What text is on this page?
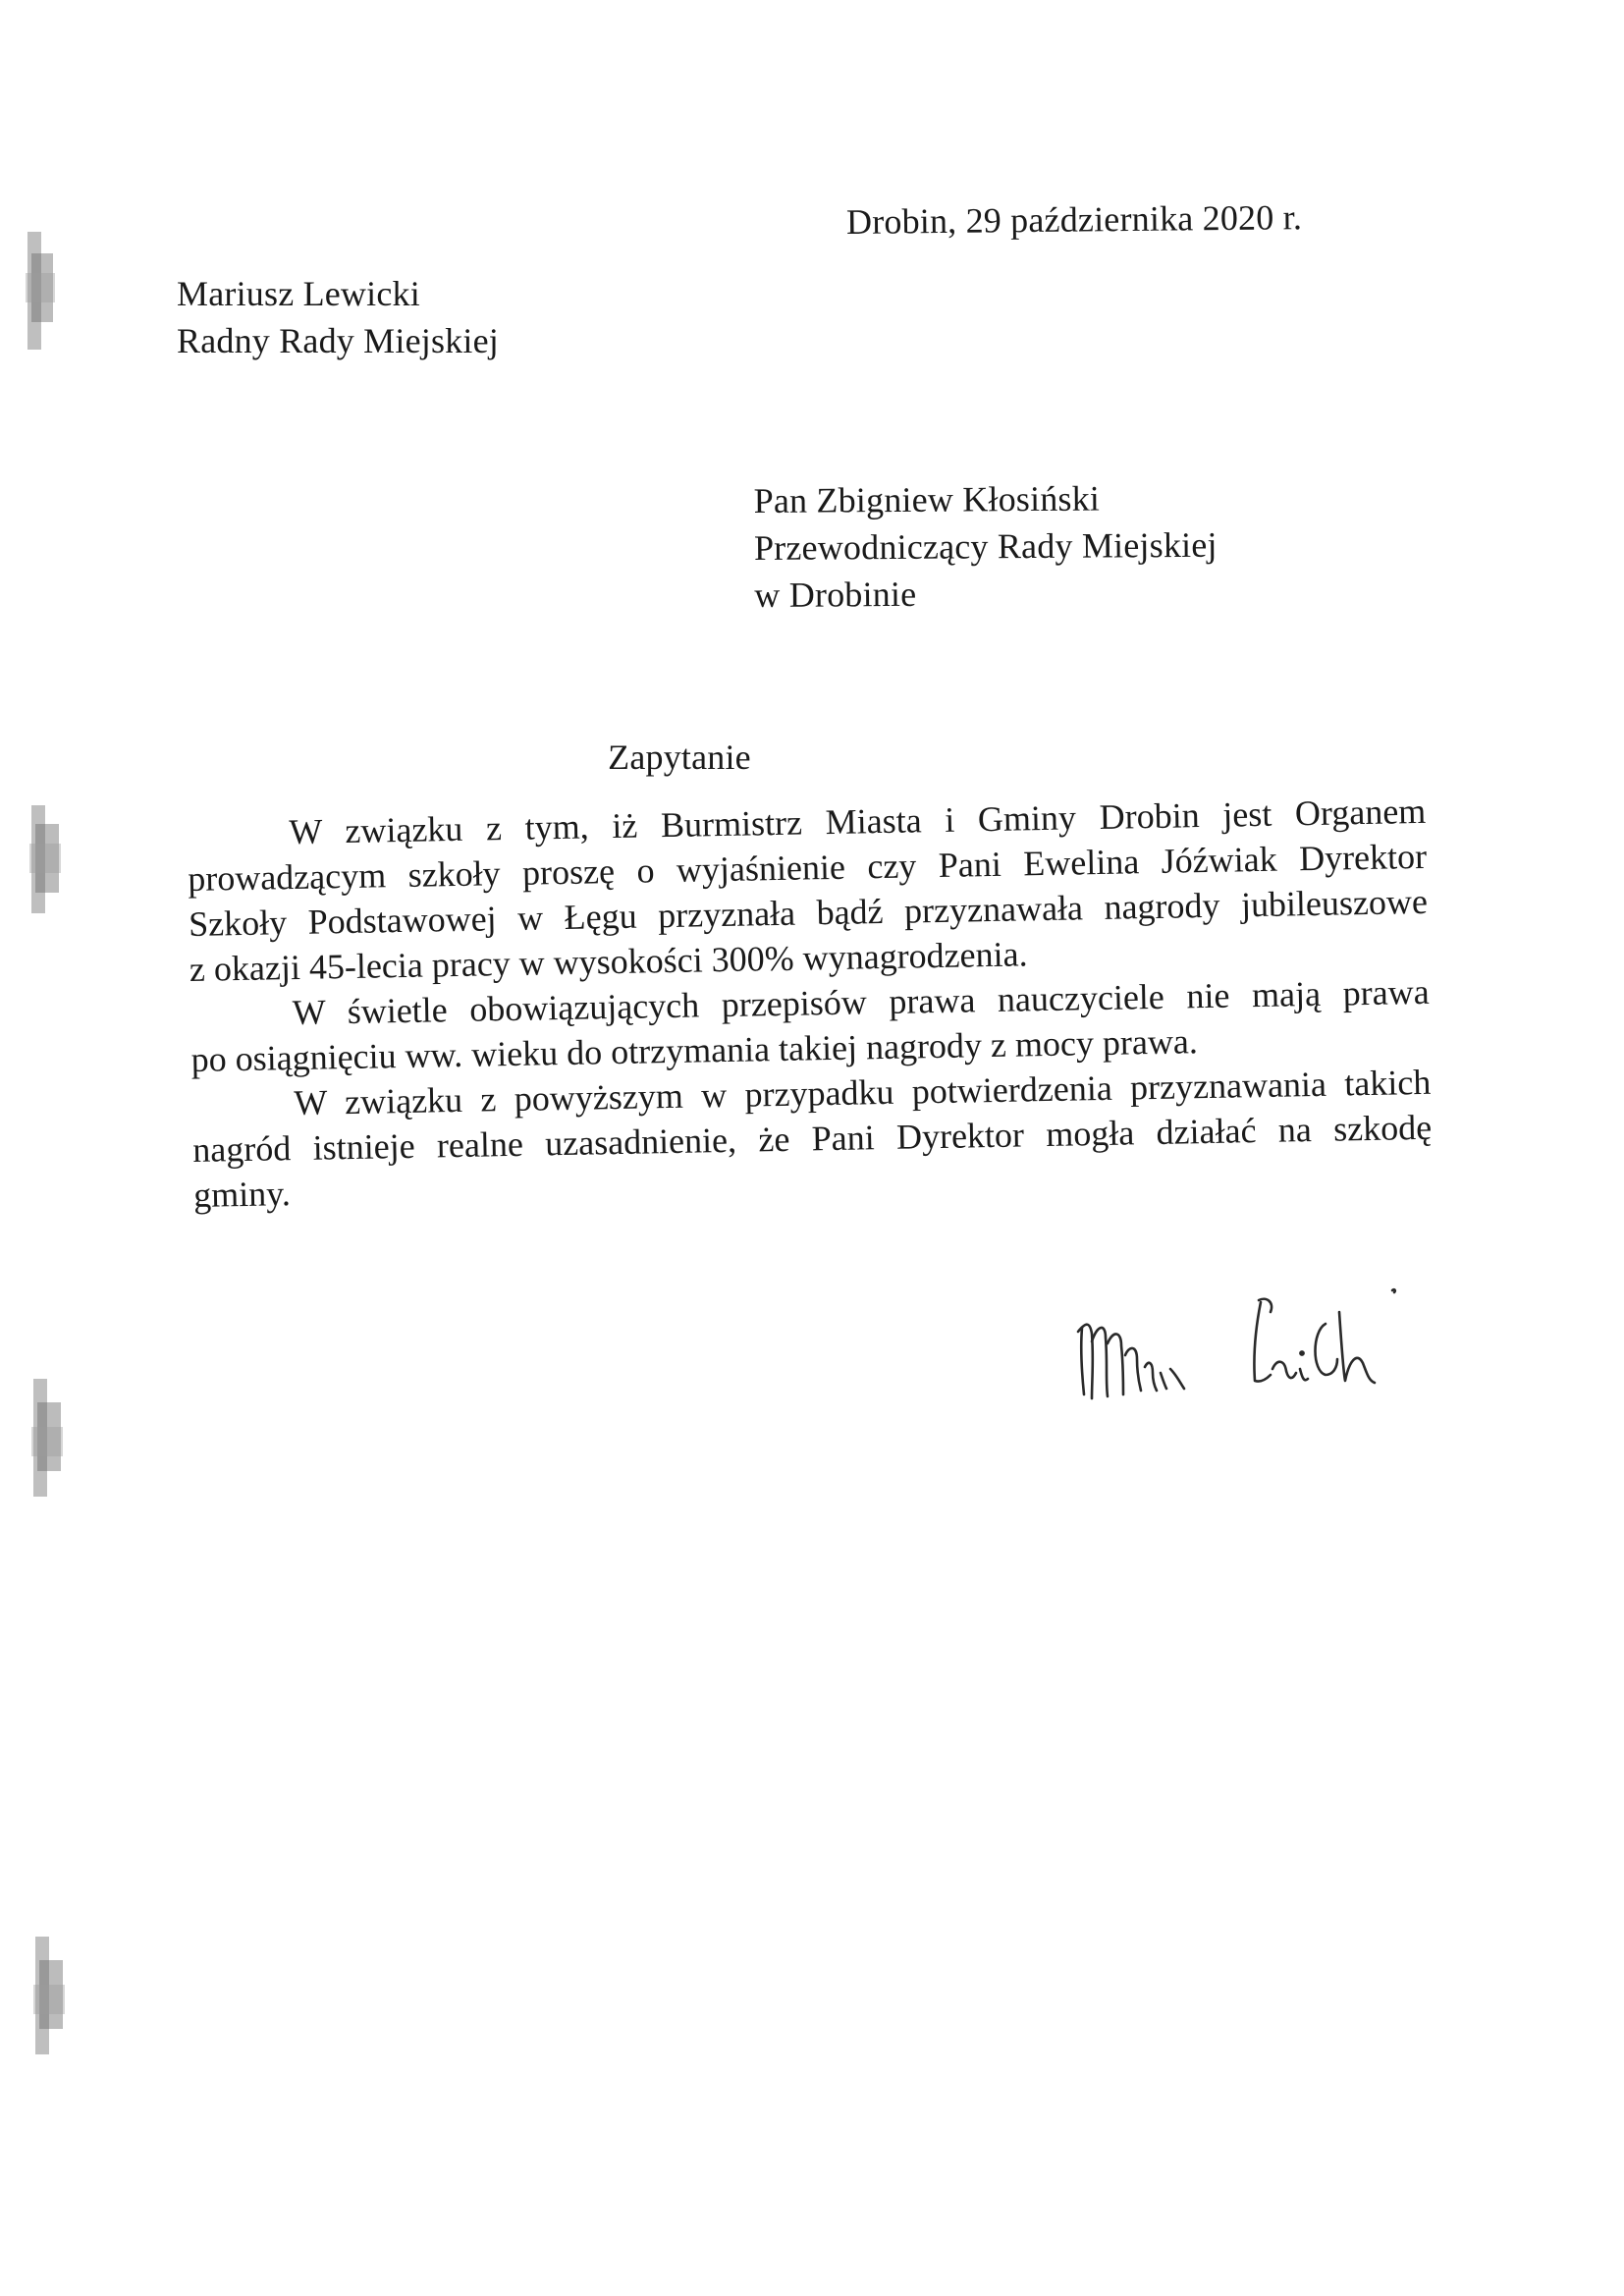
Drobin, 29 października 2020 r.
Mariusz Lewicki
Radny Rady Miejskiej
Pan Zbigniew Kłosiński
Przewodniczący Rady Miejskiej
w Drobinie
Zapytanie
W związku z tym, iż Burmistrz Miasta i Gminy Drobin jest Organem
prowadzącym szkoły proszę o wyjaśnienie czy Pani Ewelina Jóźwiak Dyrektor
Szkoły Podstawowej w Łęgu przyznała bądź przyznawała nagrody jubileuszowe
z okazji 45-lecia pracy w wysokości 300% wynagrodzenia.
W świetle obowiązujących przepisów prawa nauczyciele nie mają prawa
po osiągnięciu ww. wieku do otrzymania takiej nagrody z mocy prawa.
W związku z powyższym w przypadku potwierdzenia przyznawania takich
nagród istnieje realne uzasadnienie, że Pani Dyrektor mogła działać na szkodę
gminy.
